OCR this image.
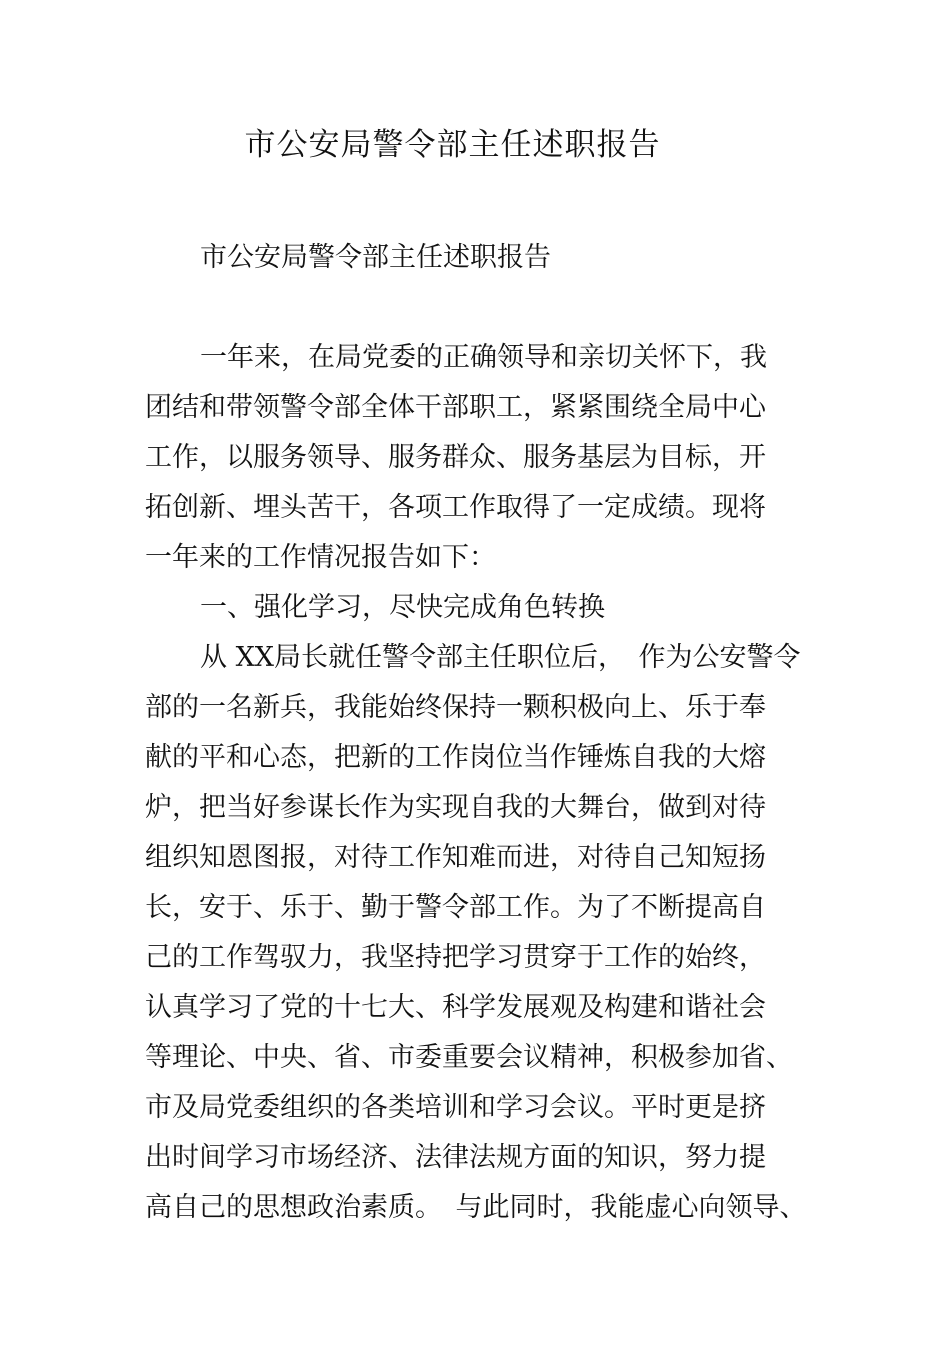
市公安局警令部主任述职报告
市公安局警令部主任述职报告
一年来，在局党委的正确领导和亲切关怀下，我
团结和带领警令部全体干部职工，紧紧围绕全局中心
工作，以服务领导、服务群众、服务基层为目标，开
拓创新、埋头苦干，各项工作取得了一定成绩。现将
一年来的工作情况报告如下：
一、强化学习，尽快完成角色转换
从 XX局长就任警令部主任职位后，　作为公安警令
部的一名新兵，我能始终保持一颗积极向上、乐于奉
献的平和心态，把新的工作岗位当作锤炼自我的大熔
炉，把当好参谋长作为实现自我的大舞台，做到对待
组织知恩图报，对待工作知难而进，对待自己知短扬
长，安于、乐于、勤于警令部工作。为了不断提高自
己的工作驾驭力，我坚持把学习贯穿于工作的始终，
认真学习了党的十七大、科学发展观及构建和谐社会
等理论、中央、省、市委重要会议精神，积极参加省、
市及局党委组织的各类培训和学习会议。平时更是挤
出时间学习市场经济、法律法规方面的知识，努力提
高自己的思想政治素质。　与此同时，我能虚心向领导、
